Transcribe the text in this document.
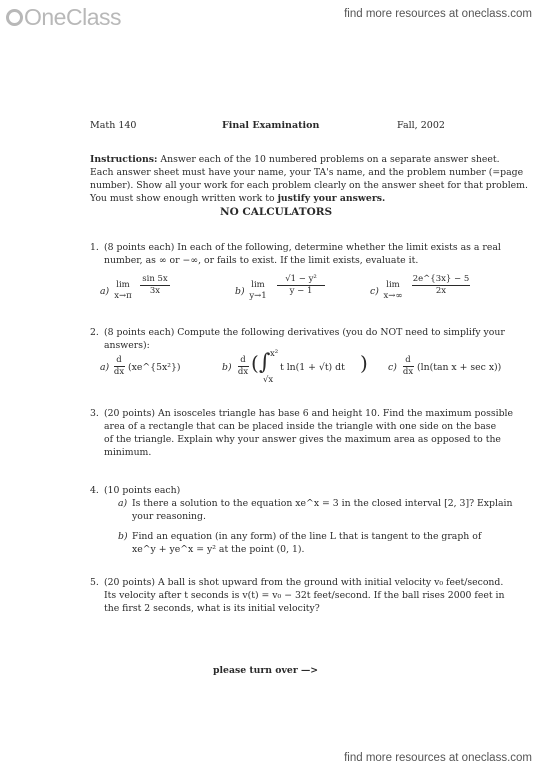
OneClass	find more resources at oneclass.com
Math 140	Final Examination	Fall, 2002
Instructions: Answer each of the 10 numbered problems on a separate answer sheet.
Each answer sheet must have your name, your TA's name, and the problem number (=page
number). Show all your work for each problem clearly on the answer sheet for that problem.
You must show enough written work to justify your answers.
NO CALCULATORS
1. (8 points each) In each of the following, determine whether the limit exists as a real
number, as ∞ or −∞, or fails to exist. If the limit exists, evaluate it.
a)
lim
x→π
sin 5x
3x	b)
lim
y→1
√1 − y²
y − 1	c)
lim
x→∞
2e^{3x} − 5
2x
2. (8 points each) Compute the following derivatives (you do NOT need to simplify your
answers):
a)
d
dx (xe^{5x²})	b)
d
dx ( ∫ x²
√x
t ln(1 + √t) dt ) c)
d
dx (ln(tan x + sec x))
3. (20 points) An isosceles triangle has base 6 and height 10. Find the maximum possible
area of a rectangle that can be placed inside the triangle with one side on the base
of the triangle. Explain why your answer gives the maximum area as opposed to the
minimum.
4. (10 points each)
a) Is there a solution to the equation xe^x = 3 in the closed interval [2, 3]? Explain
your reasoning.
b) Find an equation (in any form) of the line L that is tangent to the graph of
xe^y + ye^x = y² at the point (0, 1).
5. (20 points) A ball is shot upward from the ground with initial velocity v₀ feet/second.
Its velocity after t seconds is v(t) = v₀ − 32t feet/second. If the ball rises 2000 feet in
the first 2 seconds, what is its initial velocity?
please turn over —>
find more resources at oneclass.com
